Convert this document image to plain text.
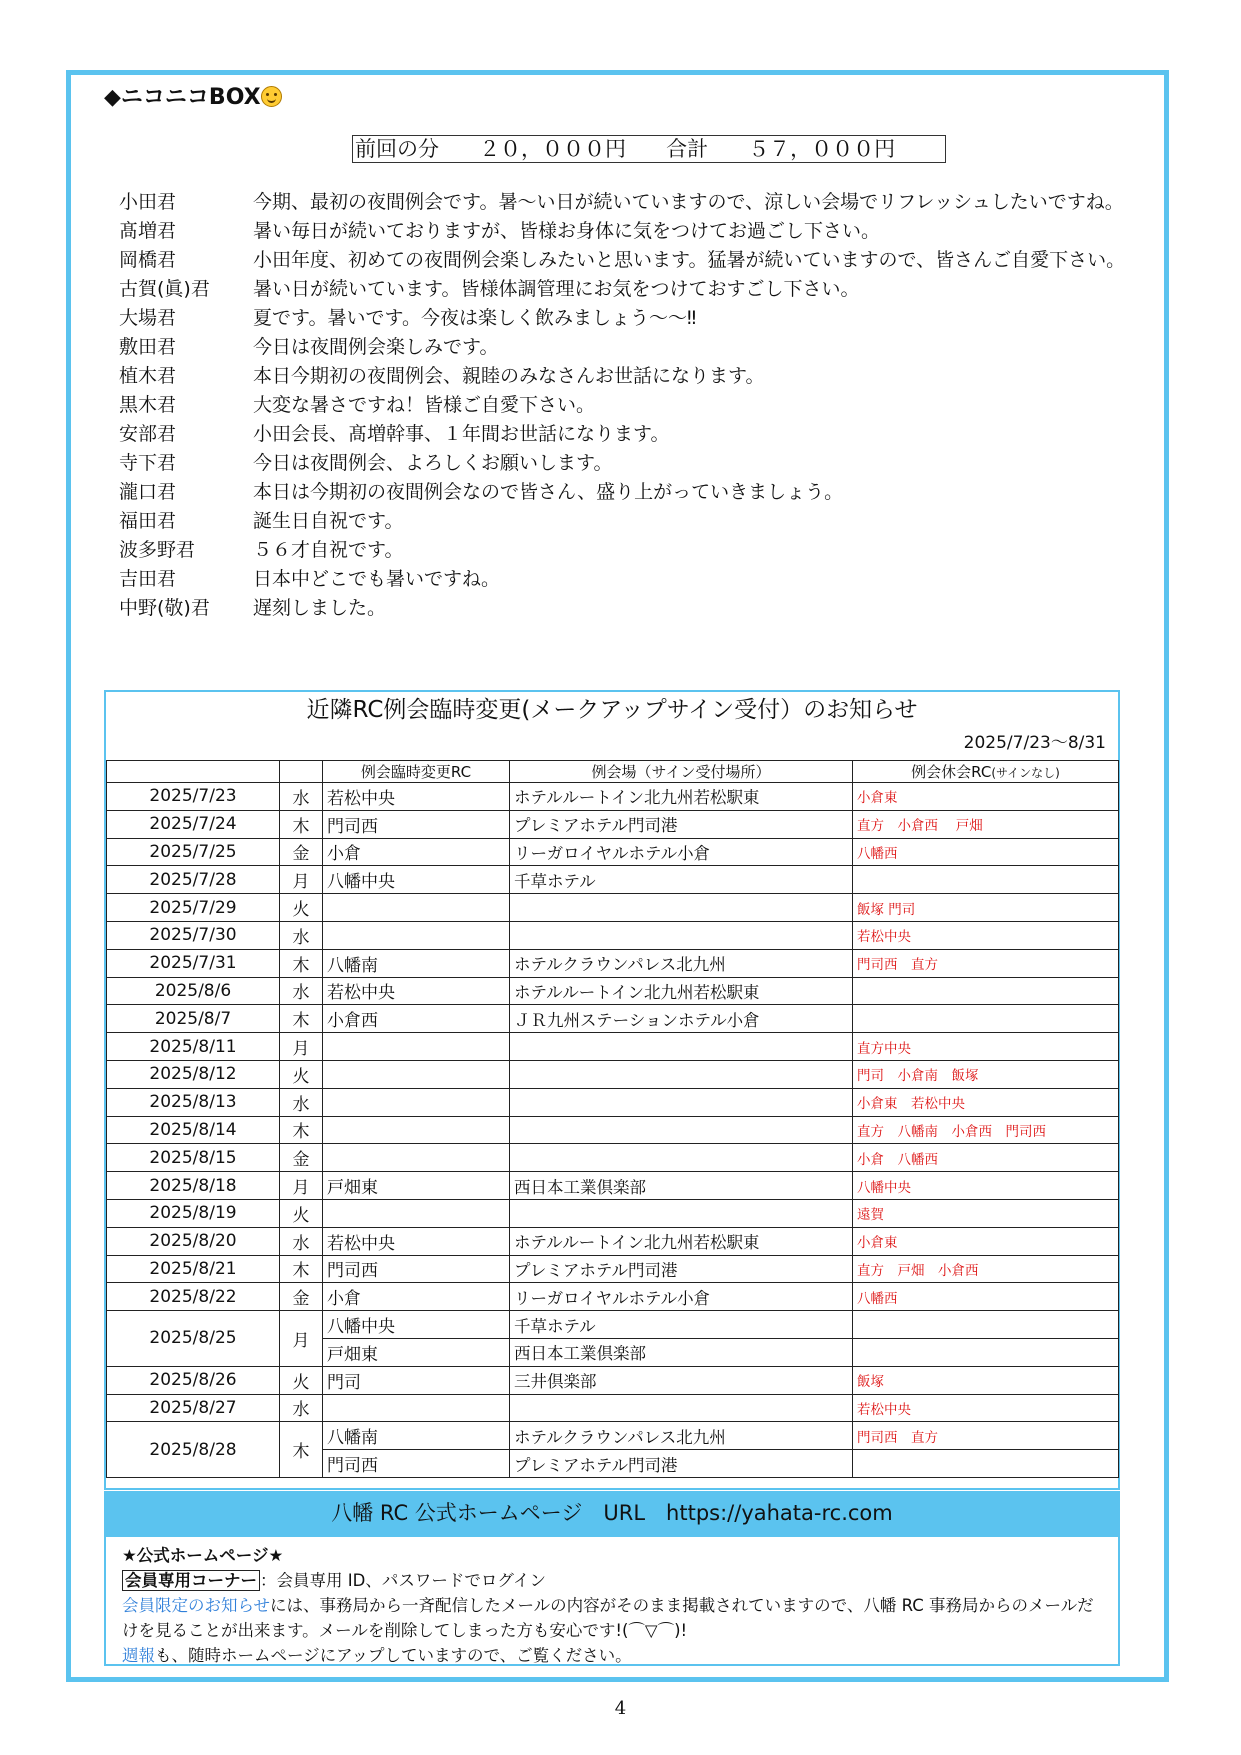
◆ニコニコBOX
前回の分 ２０，０００円 合計 ５７，０００円
小田君	今期、最初の夜間例会です。暑～い日が続いていますので、涼しい会場でリフレッシュしたいですね。
髙増君	暑い毎日が続いておりますが、皆様お身体に気をつけてお過ごし下さい。
岡橋君	小田年度、初めての夜間例会楽しみたいと思います。猛暑が続いていますので、皆さんご自愛下さい。
古賀(眞)君	暑い日が続いています。皆様体調管理にお気をつけておすごし下さい。
大場君	夏です。暑いです。今夜は楽しく飲みましょう～～‼
敷田君	今日は夜間例会楽しみです。
植木君	本日今期初の夜間例会、親睦のみなさんお世話になります。
黒木君	大変な暑さですね！皆様ご自愛下さい。
安部君	小田会長、髙増幹事、１年間お世話になります。
寺下君	今日は夜間例会、よろしくお願いします。
瀧口君	本日は今期初の夜間例会なので皆さん、盛り上がっていきましょう。
福田君	誕生日自祝です。
波多野君	５６才自祝です。
吉田君	日本中どこでも暑いですね。
中野(敬)君	遅刻しました。
近隣RC例会臨時変更(メークアップサイン受付）のお知らせ
2025/7/23～8/31
		例会臨時変更RC	例会場（サイン受付場所）	例会休会RC(サインなし)
2025/7/23	水	若松中央	ホテルルートイン北九州若松駅東	小倉東
2025/7/24	木	門司西	プレミアホテル門司港	直方　小倉西　 戸畑
2025/7/25	金	小倉	リーガロイヤルホテル小倉	八幡西
2025/7/28	月	八幡中央	千草ホテル	
2025/7/29	火			飯塚 門司
2025/7/30	水			若松中央
2025/7/31	木	八幡南	ホテルクラウンパレス北九州	門司西　直方
2025/8/6	水	若松中央	ホテルルートイン北九州若松駅東	
2025/8/7	木	小倉西	ＪＲ九州ステーションホテル小倉	
2025/8/11	月			直方中央
2025/8/12	火			門司　小倉南　飯塚
2025/8/13	水			小倉東　若松中央
2025/8/14	木			直方　八幡南　小倉西　門司西
2025/8/15	金			小倉　八幡西
2025/8/18	月	戸畑東	西日本工業倶楽部	八幡中央
2025/8/19	火			遠賀
2025/8/20	水	若松中央	ホテルルートイン北九州若松駅東	小倉東
2025/8/21	木	門司西	プレミアホテル門司港	直方　戸畑　小倉西
2025/8/22	金	小倉	リーガロイヤルホテル小倉	八幡西
2025/8/25	月	八幡中央	千草ホテル	
		戸畑東	西日本工業倶楽部	
2025/8/26	火	門司	三井倶楽部	飯塚
2025/8/27	水			若松中央
2025/8/28	木	八幡南	ホテルクラウンパレス北九州	門司西　直方
		門司西	プレミアホテル門司港	
八幡 RC 公式ホームページ　URL　https://yahata-rc.com
★公式ホームページ★
会員専用コーナー ：会員専用 ID、パスワードでログイン
会員限定のお知らせには、事務局から一斉配信したメールの内容がそのまま掲載されていますので、八幡 RC 事務局からのメールだけを見ることが出来ます。メールを削除してしまった方も安心です!(⌒▽⌒)!
週報も、随時ホームページにアップしていますので、ご覧ください。
4
